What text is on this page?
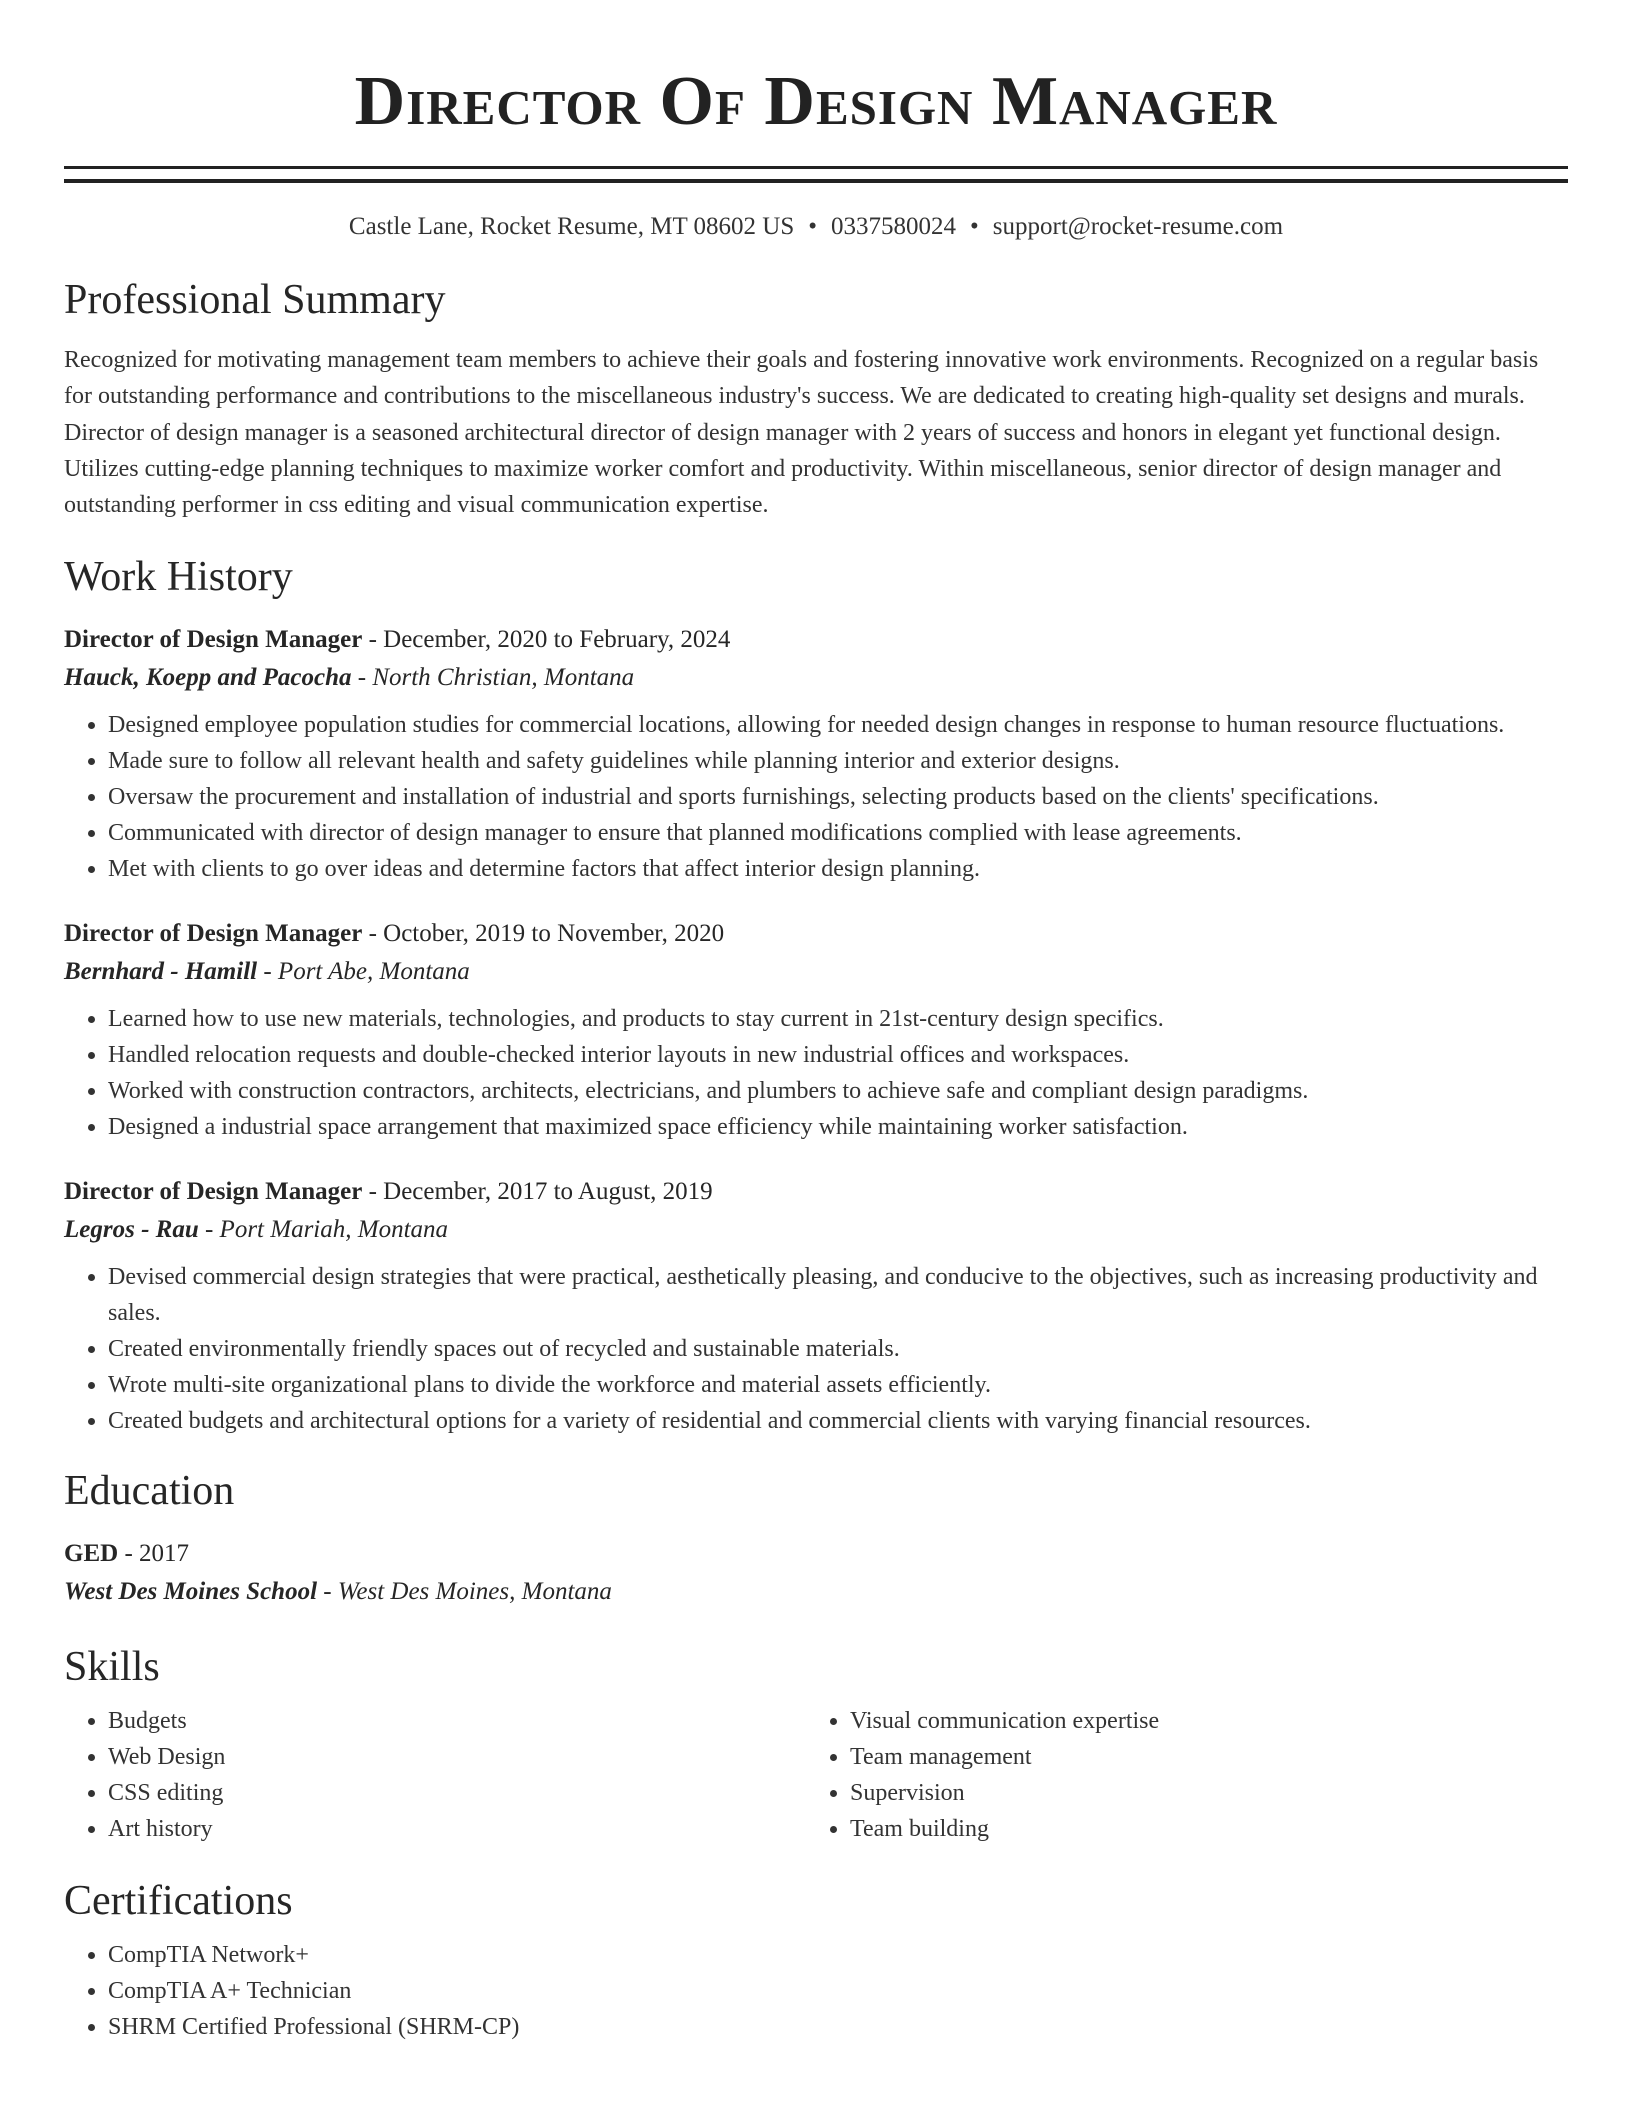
Director Of Design Manager
Castle Lane, Rocket Resume, MT 08602 US • 0337580024 • support@rocket-resume.com
Professional Summary
Recognized for motivating management team members to achieve their goals and fostering innovative work environments. Recognized on a regular basis for outstanding performance and contributions to the miscellaneous industry's success. We are dedicated to creating high-quality set designs and murals. Director of design manager is a seasoned architectural director of design manager with 2 years of success and honors in elegant yet functional design. Utilizes cutting-edge planning techniques to maximize worker comfort and productivity. Within miscellaneous, senior director of design manager and outstanding performer in css editing and visual communication expertise.
Work History
Director of Design Manager - December, 2020 to February, 2024
Hauck, Koepp and Pacocha - North Christian, Montana
• Designed employee population studies for commercial locations, allowing for needed design changes in response to human resource fluctuations.
• Made sure to follow all relevant health and safety guidelines while planning interior and exterior designs.
• Oversaw the procurement and installation of industrial and sports furnishings, selecting products based on the clients' specifications.
• Communicated with director of design manager to ensure that planned modifications complied with lease agreements.
• Met with clients to go over ideas and determine factors that affect interior design planning.
Director of Design Manager - October, 2019 to November, 2020
Bernhard - Hamill - Port Abe, Montana
• Learned how to use new materials, technologies, and products to stay current in 21st-century design specifics.
• Handled relocation requests and double-checked interior layouts in new industrial offices and workspaces.
• Worked with construction contractors, architects, electricians, and plumbers to achieve safe and compliant design paradigms.
• Designed a industrial space arrangement that maximized space efficiency while maintaining worker satisfaction.
Director of Design Manager - December, 2017 to August, 2019
Legros - Rau - Port Mariah, Montana
• Devised commercial design strategies that were practical, aesthetically pleasing, and conducive to the objectives, such as increasing productivity and sales.
• Created environmentally friendly spaces out of recycled and sustainable materials.
• Wrote multi-site organizational plans to divide the workforce and material assets efficiently.
• Created budgets and architectural options for a variety of residential and commercial clients with varying financial resources.
Education
GED - 2017
West Des Moines School - West Des Moines, Montana
Skills
• Budgets
• Web Design
• CSS editing
• Art history
• Visual communication expertise
• Team management
• Supervision
• Team building
Certifications
• CompTIA Network+
• CompTIA A+ Technician
• SHRM Certified Professional (SHRM-CP)
